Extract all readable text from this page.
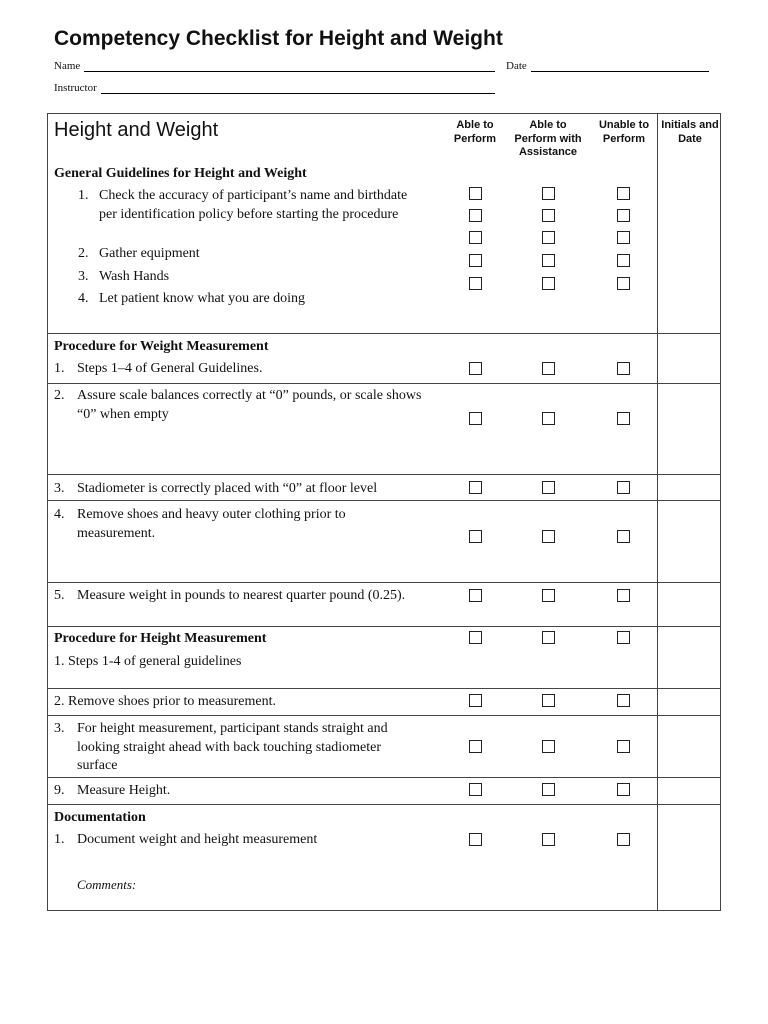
Competency Checklist for Height and Weight
Name	Date
Instructor
Height and Weight	Able to Perform
Able to Perform with Assistance
Unable to Perform
Initials and Date
General Guidelines for Height and Weight
1. Check the accuracy of participant’s name and birthdate per identification policy before starting the procedure
2. Gather equipment
3. Wash Hands
4. Let patient know what you are doing
Procedure for Weight Measurement
1. Steps 1–4 of General Guidelines.
2. Assure scale balances correctly at “0” pounds, or scale shows “0” when empty
3. Stadiometer is correctly placed with “0” at floor level
4. Remove shoes and heavy outer clothing prior to measurement.
5. Measure weight in pounds to nearest quarter pound (0.25).
Procedure for Height Measurement
1. Steps 1-4 of general guidelines
2. Remove shoes prior to measurement.
3. For height measurement, participant stands straight and looking straight ahead with back touching stadiometer surface
9. Measure Height.
Documentation
1. Document weight and height measurement
Comments:
